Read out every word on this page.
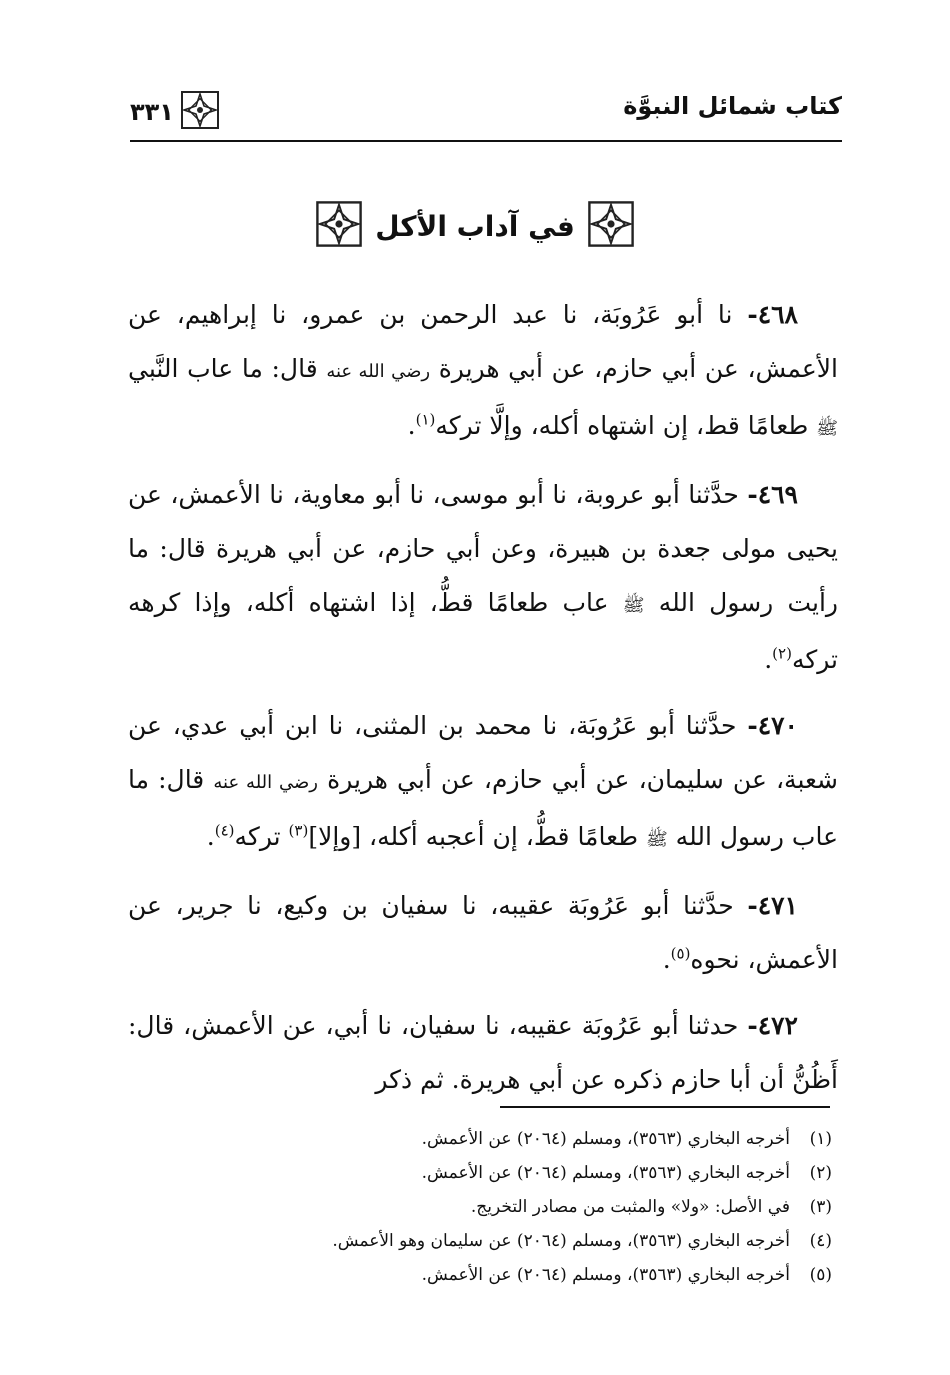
كتاب شمائل النبوَّة
٣٣١
في آداب الأكل

٤٦٨- نا أبو عَرُوبَة، نا عبد الرحمن بن عمرو، نا إبراهيم، عن الأعمش، عن أبي حازم، عن أبي هريرة رضي الله عنه قال: ما عاب النَّبي ﷺ طعامًا قط، إن اشتهاه أكله، وإلَّا تركه$^{(١)}$.

٤٦٩- حدَّثنا أبو عروبة، نا أبو موسى، نا أبو معاوية، نا الأعمش، عن يحيى مولى جعدة بن هبيرة، وعن أبي حازم، عن أبي هريرة قال: ما رأيت رسول الله ﷺ عاب طعامًا قطُّ، إذا اشتهاه أكله، وإذا كرهه تركه$^{(٢)}$.

٤٧٠- حدَّثنا أبو عَرُوبَة، نا محمد بن المثنى، نا ابن أبي عدي، عن شعبة، عن سليمان، عن أبي حازم، عن أبي هريرة رضي الله عنه قال: ما عاب رسول الله ﷺ طعامًا قطُّ، إن أعجبه أكله، [وإلا]$^{(٣)}$ تركه$^{(٤)}$.

٤٧١- حدَّثنا أبو عَرُوبَة عقيبه، نا سفيان بن وكيع، نا جرير، عن الأعمش، نحوه$^{(٥)}$.

٤٧٢- حدثنا أبو عَرُوبَة عقيبه، نا سفيان، نا أبي، عن الأعمش، قال: أَظُنُّ أن أبا حازم ذكره عن أبي هريرة. ثم ذكر

(١)
أخرجه البخاري (٣٥٦٣)، ومسلم (٢٠٦٤) عن الأعمش.
(٢)
أخرجه البخاري (٣٥٦٣)، ومسلم (٢٠٦٤) عن الأعمش.
(٣)
في الأصل: «ولا» والمثبت من مصادر التخريج.
(٤)
أخرجه البخاري (٣٥٦٣)، ومسلم (٢٠٦٤) عن سليمان وهو الأعمش.
(٥)
أخرجه البخاري (٣٥٦٣)، ومسلم (٢٠٦٤) عن الأعمش.
